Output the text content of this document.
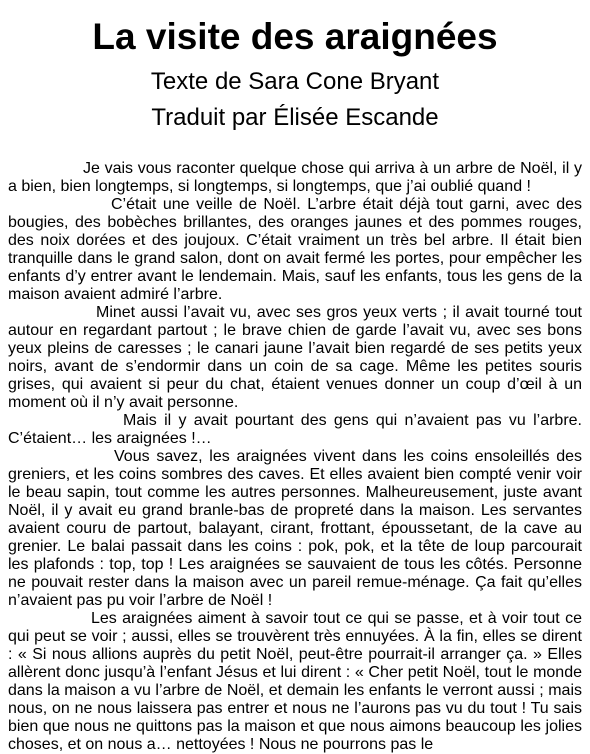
La visite des araignées

Texte de Sara Cone Bryant

Traduit par Élisée Escande

Je vais vous raconter quelque chose qui arriva à un arbre de Noël, il y a bien, bien longtemps, si longtemps, si longtemps, que j’ai oublié quand !

C’était une veille de Noël. L’arbre était déjà tout garni, avec des bougies, des bobèches brillantes, des oranges jaunes et des pommes rouges, des noix dorées et des joujoux. C’était vraiment un très bel arbre. Il était bien tranquille dans le grand salon, dont on avait fermé les portes, pour empêcher les enfants d’y entrer avant le lendemain. Mais, sauf les enfants, tous les gens de la maison avaient admiré l’arbre.

Minet aussi l’avait vu, avec ses gros yeux verts ; il avait tourné tout autour en regardant partout ; le brave chien de garde l’avait vu, avec ses bons yeux pleins de caresses ; le canari jaune l’avait bien regardé de ses petits yeux noirs, avant de s’endormir dans un coin de sa cage. Même les petites souris grises, qui avaient si peur du chat, étaient venues donner un coup d’œil à un moment où il n’y avait personne.

Mais il y avait pourtant des gens qui n’avaient pas vu l’arbre. C’étaient… les araignées !…

Vous savez, les araignées vivent dans les coins ensoleillés des greniers, et les coins sombres des caves. Et elles avaient bien compté venir voir le beau sapin, tout comme les autres personnes. Malheureusement, juste avant Noël, il y avait eu grand branle-bas de propreté dans la maison. Les servantes avaient couru de partout, balayant, cirant, frottant, époussetant, de la cave au grenier. Le balai passait dans les coins : pok, pok, et la tête de loup parcourait les plafonds : top, top ! Les araignées se sauvaient de tous les côtés. Personne ne pouvait rester dans la maison avec un pareil remue-ménage. Ça fait qu’elles n’avaient pas pu voir l’arbre de Noël !

Les araignées aiment à savoir tout ce qui se passe, et à voir tout ce qui peut se voir ; aussi, elles se trouvèrent très ennuyées. À la fin, elles se dirent : « Si nous allions auprès du petit Noël, peut-être pourrait-il arranger ça. » Elles allèrent donc jusqu’à l’enfant Jésus et lui dirent : « Cher petit Noël, tout le monde dans la maison a vu l’arbre de Noël, et demain les enfants le verront aussi ; mais nous, on ne nous laissera pas entrer et nous ne l’aurons pas vu du tout ! Tu sais bien que nous ne quittons pas la maison et que nous aimons beaucoup les jolies choses, et on nous a… nettoyées ! Nous ne pourrons pas le
